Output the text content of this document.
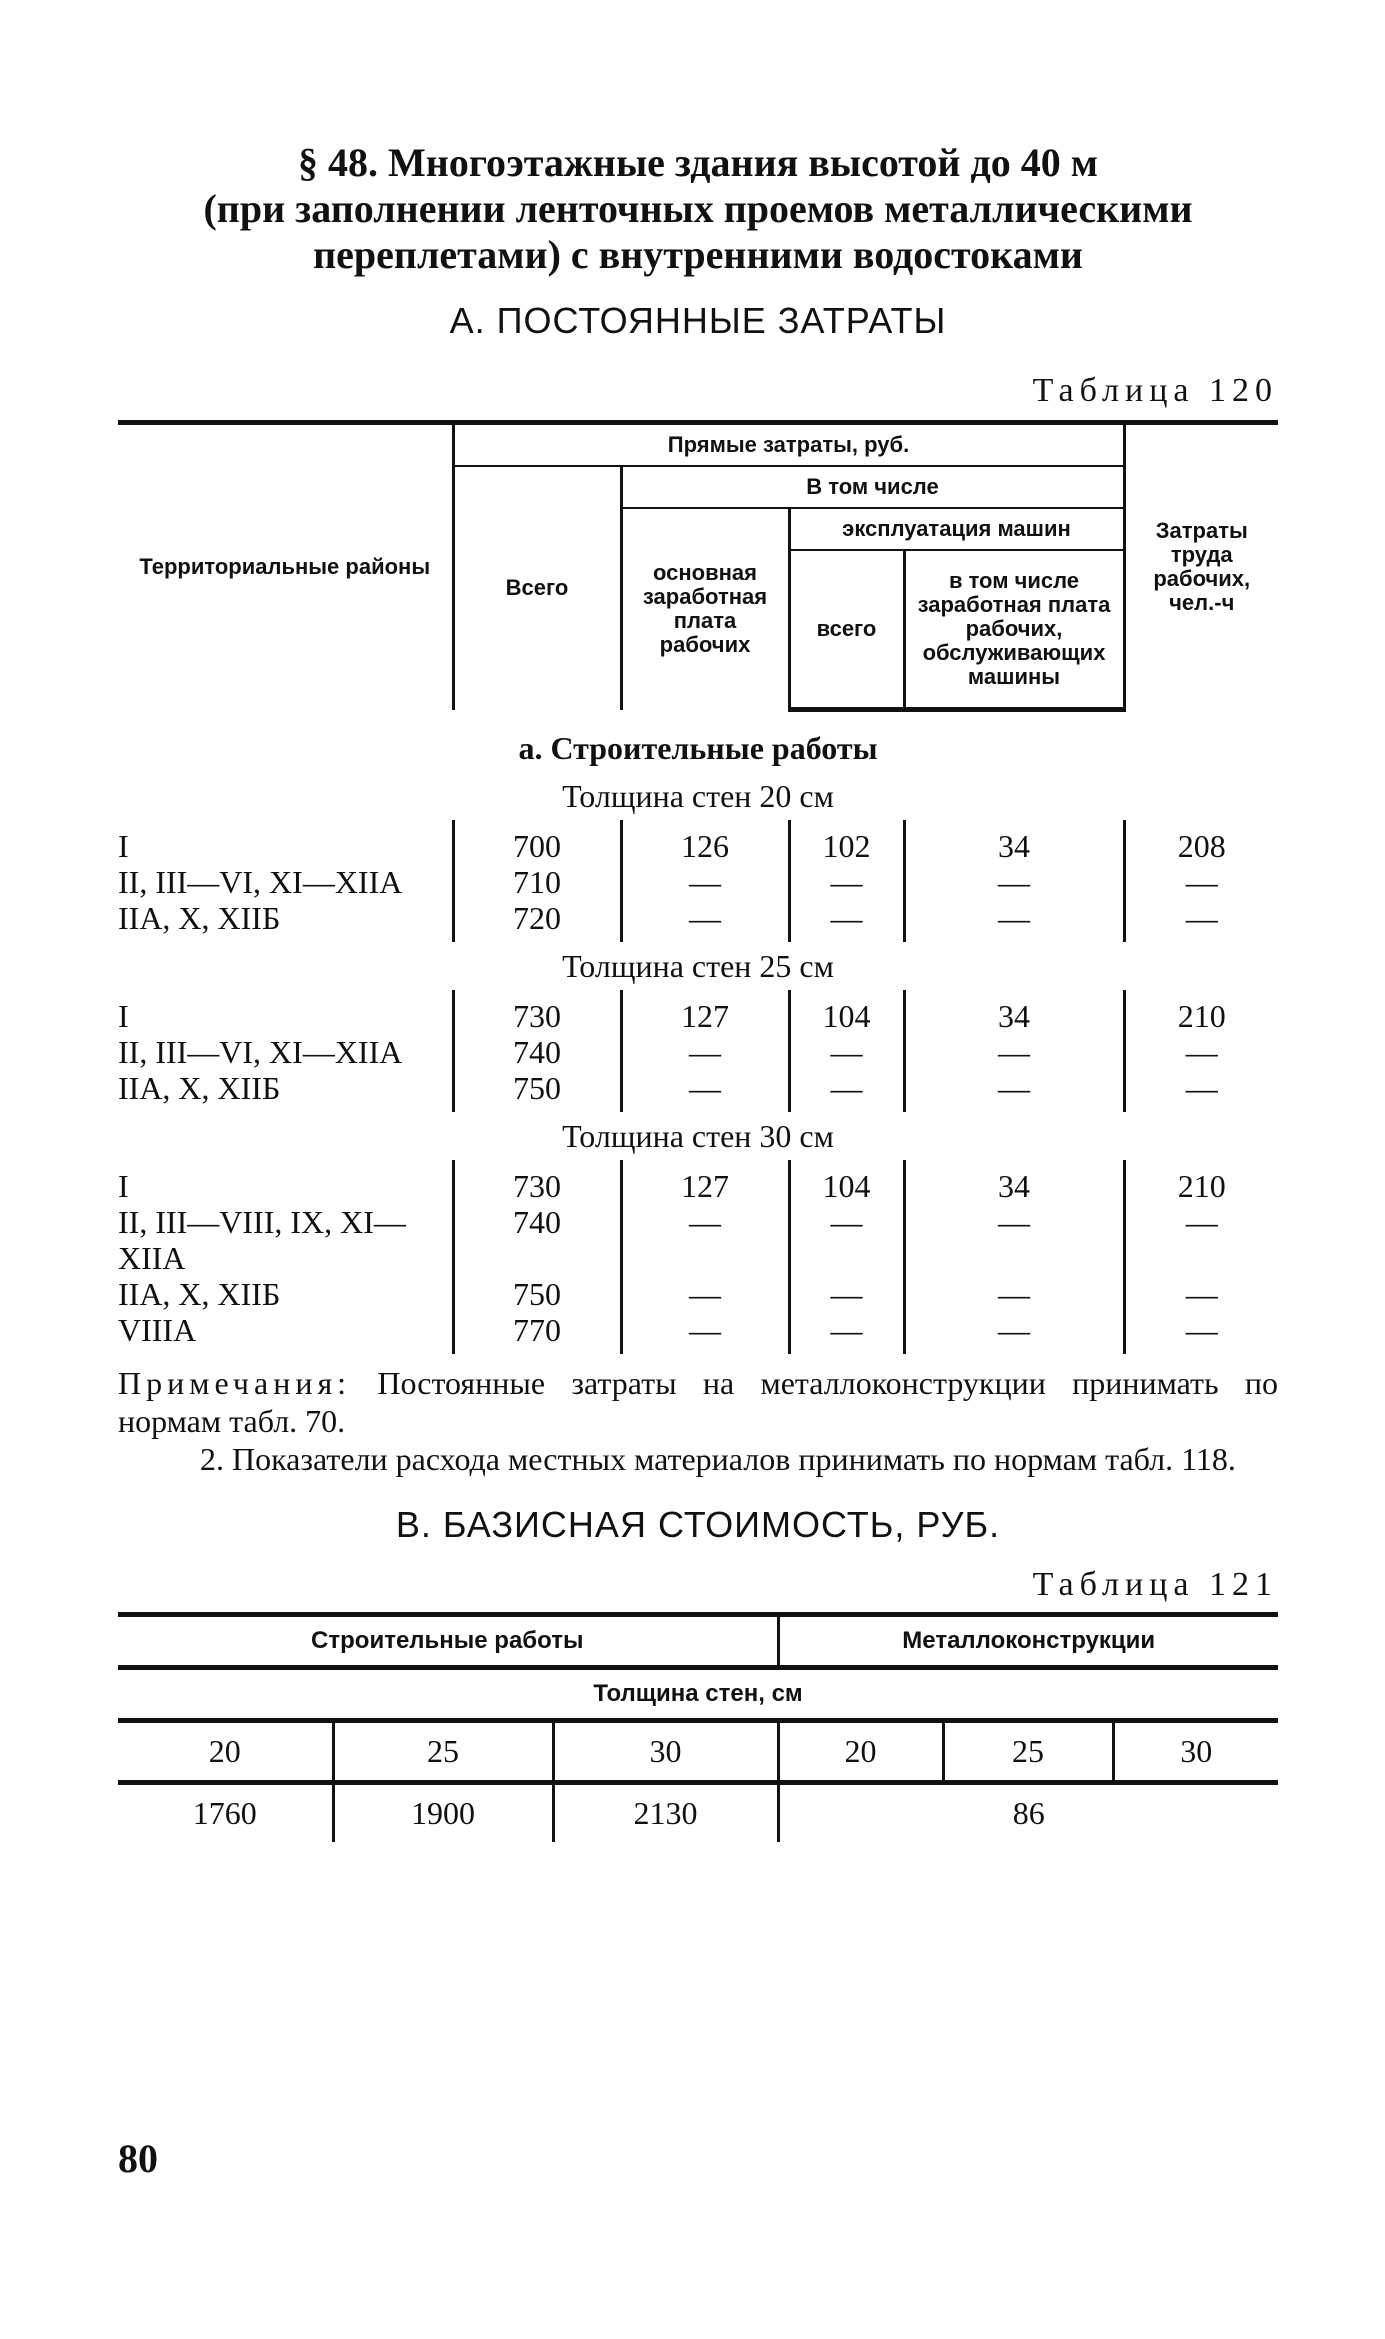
§ 48. Многоэтажные здания высотой до 40 м
(при заполнении ленточных проемов металлическими
переплетами) с внутренними водостоками
А. ПОСТОЯННЫЕ ЗАТРАТЫ
Таблица 120
Территориальные районы	Прямые затраты, руб.				Затраты труда рабочих, чел.-ч
	Всего	В том числе			
		основная заработная плата рабочих	эксплуатация машин		
			всего	в том числе заработная плата рабочих, обслуживающих машины	
а. Строительные работы					
Толщина стен 20 см					
I	700	126	102	34	208
II, III—VI, XI—XIIА	710	—	—	—	—
IIА, X, XIIБ	720	—	—	—	—
Толщина стен 25 см					
I	730	127	104	34	210
II, III—VI, XI—XIIА	740	—	—	—	—
IIА, X, XIIБ	750	—	—	—	—
Толщина стен 30 см					
I	730	127	104	34	210
II, III—VIII, IX, XI—XIIА	740	—	—	—	—
IIА, X, XIIБ	750	—	—	—	—
VIIIА	770	—	—	—	—

Примечания: Постоянные затраты на металлоконструкции принимать по нормам табл. 70.

2. Показатели расхода местных материалов принимать по нормам табл. 118.

В. БАЗИСНАЯ СТОИМОСТЬ, РУБ.
Таблица 121
Строительные работы			Металлоконструкции		
Толщина стен, см					
20	25	30	20	25	30
1760	1900	2130	86		
80
